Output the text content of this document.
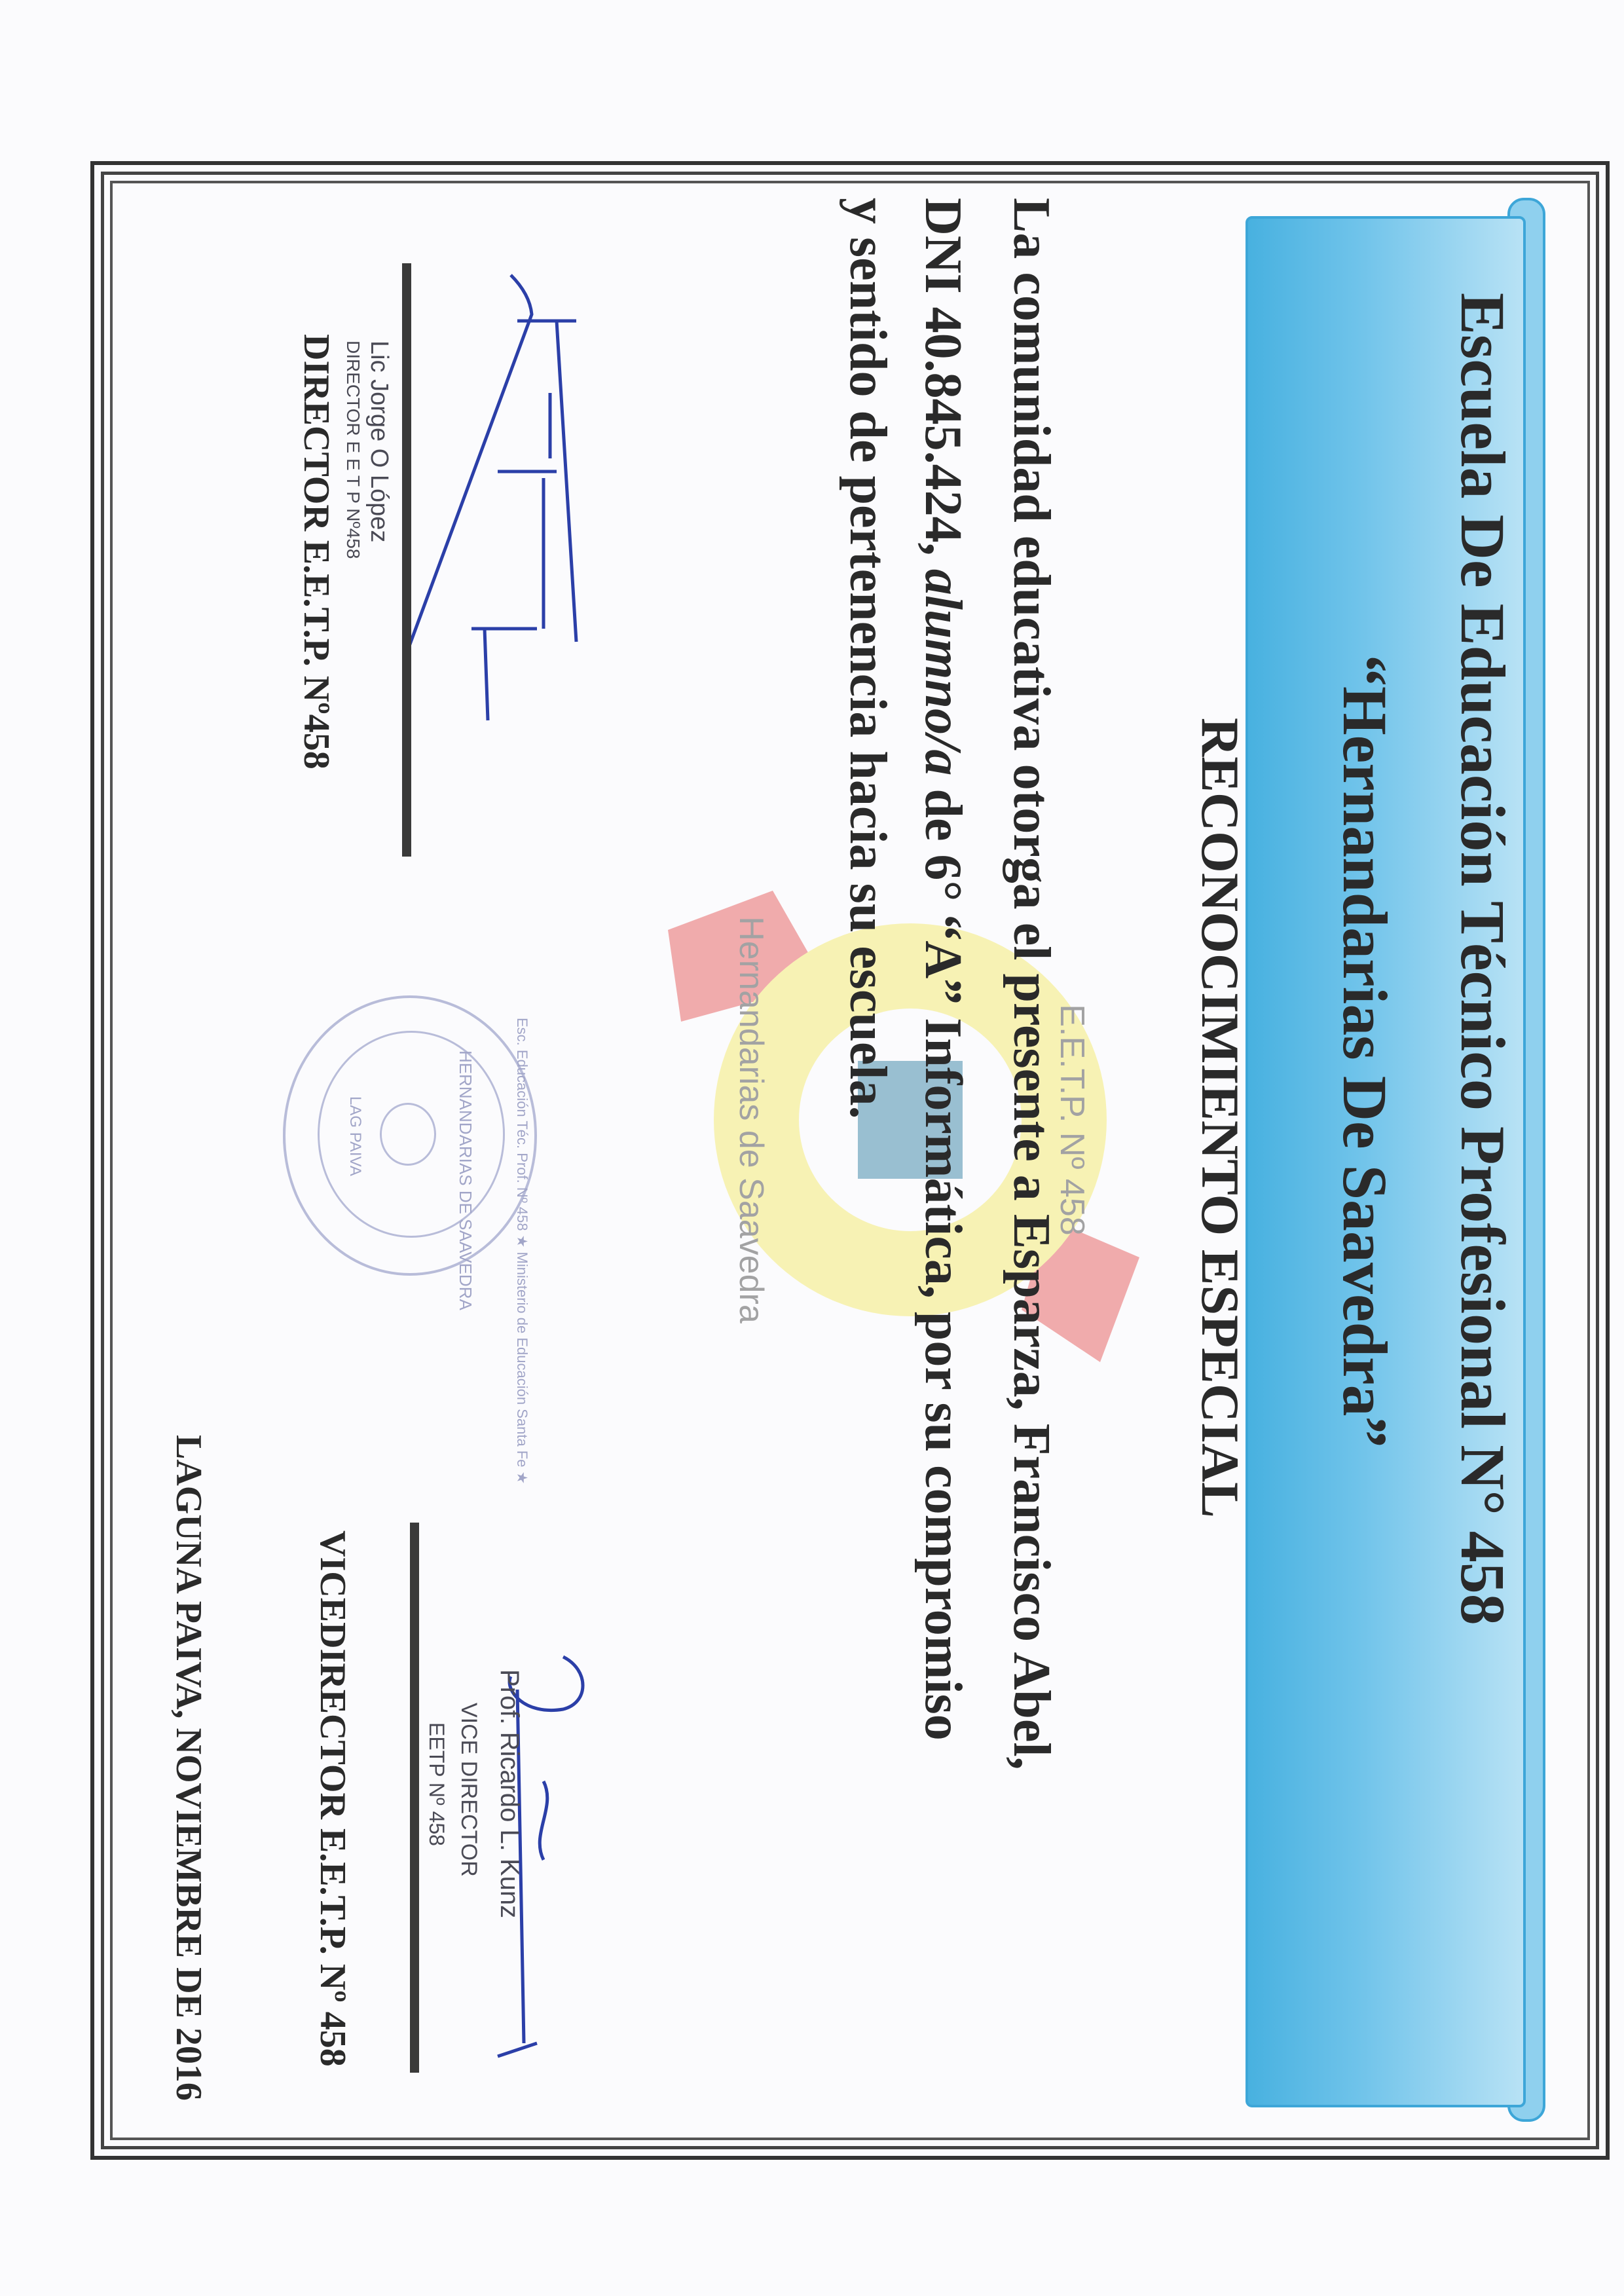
Escuela De Educación Técnico Profesional N° 458
“Hernandarias De Saavedra”
RECONOCIMIENTO ESPECIAL
E.E.T.P. Nº 458
Hernandarias de Saavedra	La comunidad educativa otorga el presente a Esparza, Francisco Abel,
DNI 40.845.424, alumno/a de 6° “A” Informática, por su compromiso
y sentido de pertenencia hacia su escuela.
Lic Jorge O López
DIRECTOR E E T P Nº458
DIRECTOR E.E.T.P. Nº458
Esc. Educación Téc. Prof. Nº 458 ★ Ministerio de Educación Santa Fe ★
HERNANDARIAS DE SAAVEDRA
LAG PAIVA
Prof. Ricardo L. Kunz
VICE DIRECTOR
EETP Nº 458
VICEDIRECTOR E.E.T.P. Nº 458
LAGUNA PAIVA, NOVIEMBRE DE 2016
